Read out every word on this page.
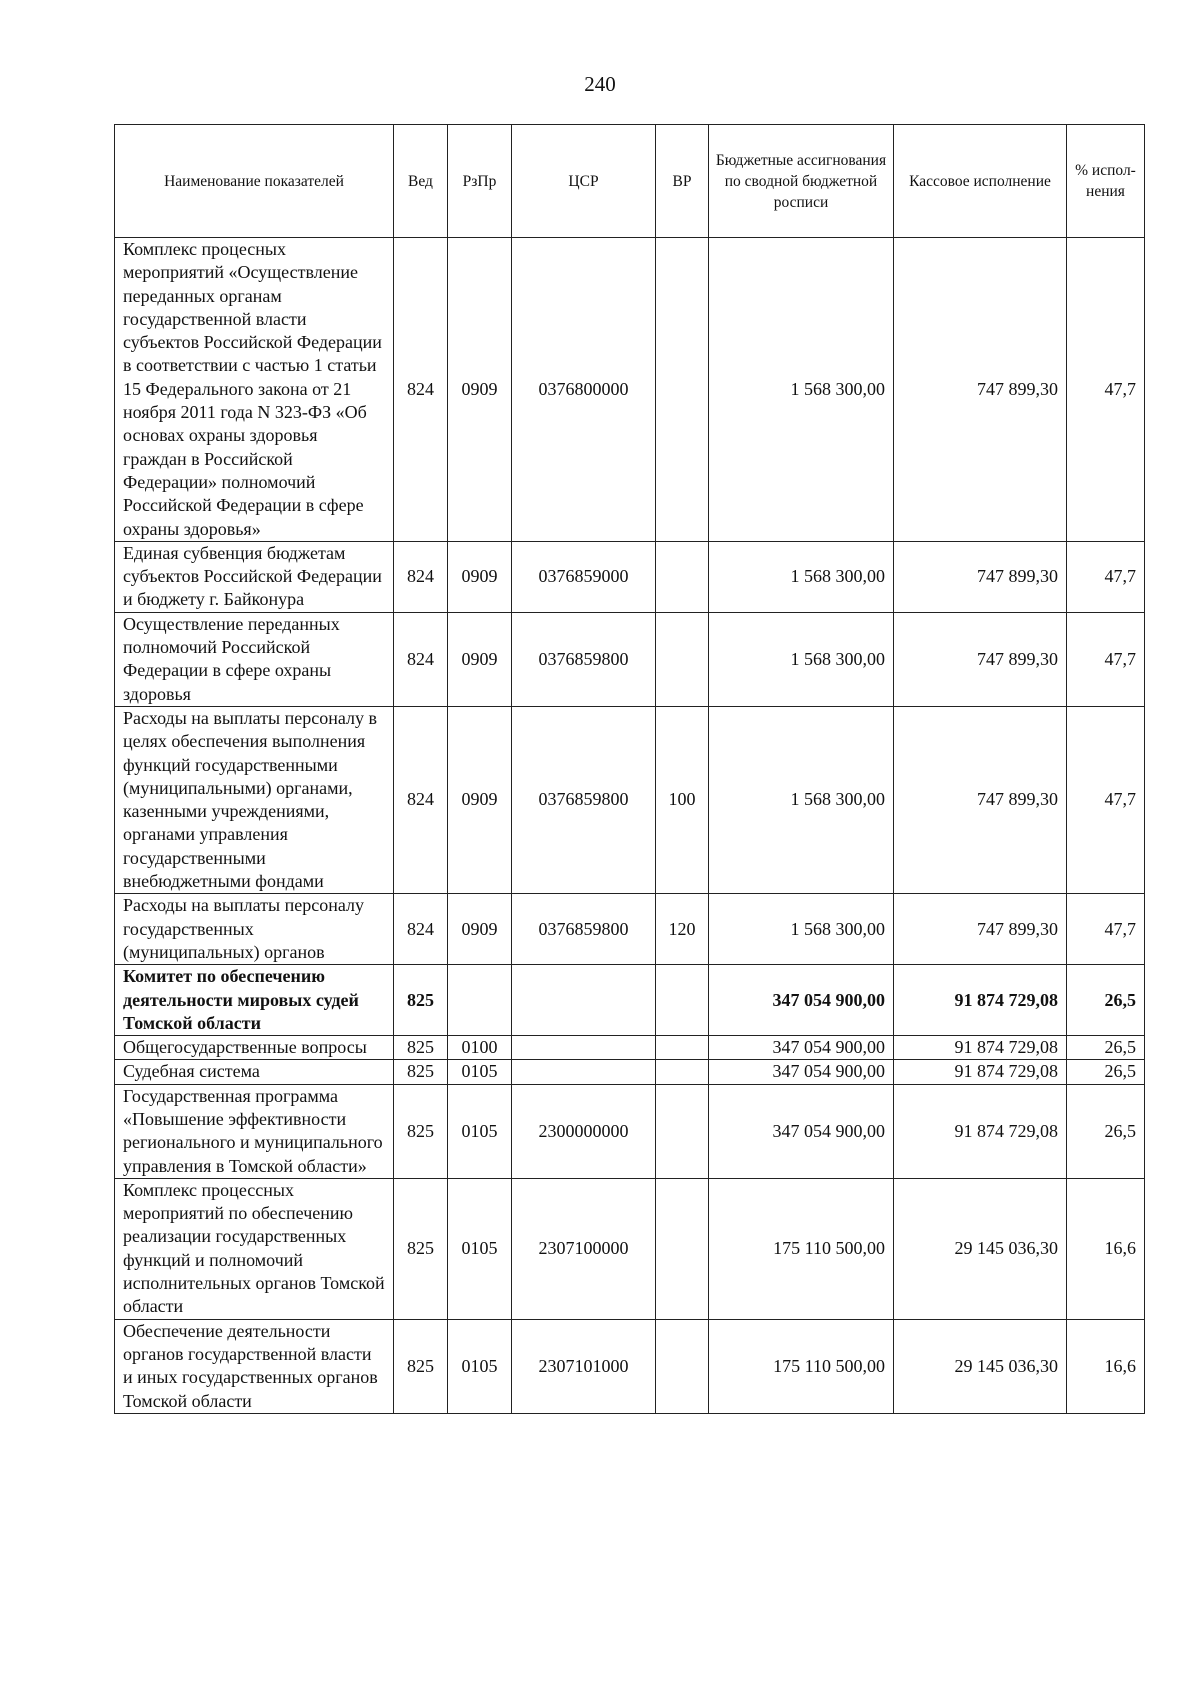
240
Наименование показателей	Вед	РзПр	ЦСР	ВР	Бюджетные ассигнования по сводной бюджетной росписи	Кассовое исполнение	% испол-нения
Комплекс процесных мероприятий «Осуществление переданных органам государственной власти субъектов Российской Федерации в соответствии с частью 1 статьи 15 Федерального закона от 21 ноября 2011 года N 323-ФЗ «Об основах охраны здоровья граждан в Российской Федерации» полномочий Российской Федерации в сфере охраны здоровья»	824	0909	0376800000		1 568 300,00	747 899,30	47,7
Единая субвенция бюджетам субъектов Российской Федерации и бюджету г. Байконура	824	0909	0376859000		1 568 300,00	747 899,30	47,7
Осуществление переданных полномочий Российской Федерации в сфере охраны здоровья	824	0909	0376859800		1 568 300,00	747 899,30	47,7
Расходы на выплаты персоналу в целях обеспечения выполнения функций государственными (муниципальными) органами, казенными учреждениями, органами управления государственными внебюджетными фондами	824	0909	0376859800	100	1 568 300,00	747 899,30	47,7
Расходы на выплаты персоналу государственных (муниципальных) органов	824	0909	0376859800	120	1 568 300,00	747 899,30	47,7
Комитет по обеспечению деятельности мировых судей Томской области	825				347 054 900,00	91 874 729,08	26,5
Общегосударственные вопросы	825	0100			347 054 900,00	91 874 729,08	26,5
Судебная система	825	0105			347 054 900,00	91 874 729,08	26,5
Государственная программа «Повышение эффективности регионального и муниципального управления в Томской области»	825	0105	2300000000		347 054 900,00	91 874 729,08	26,5
Комплекс процессных мероприятий по обеспечению реализации государственных функций и полномочий исполнительных органов Томской области	825	0105	2307100000		175 110 500,00	29 145 036,30	16,6
Обеспечение деятельности органов государственной власти и иных государственных органов Томской области	825	0105	2307101000		175 110 500,00	29 145 036,30	16,6
